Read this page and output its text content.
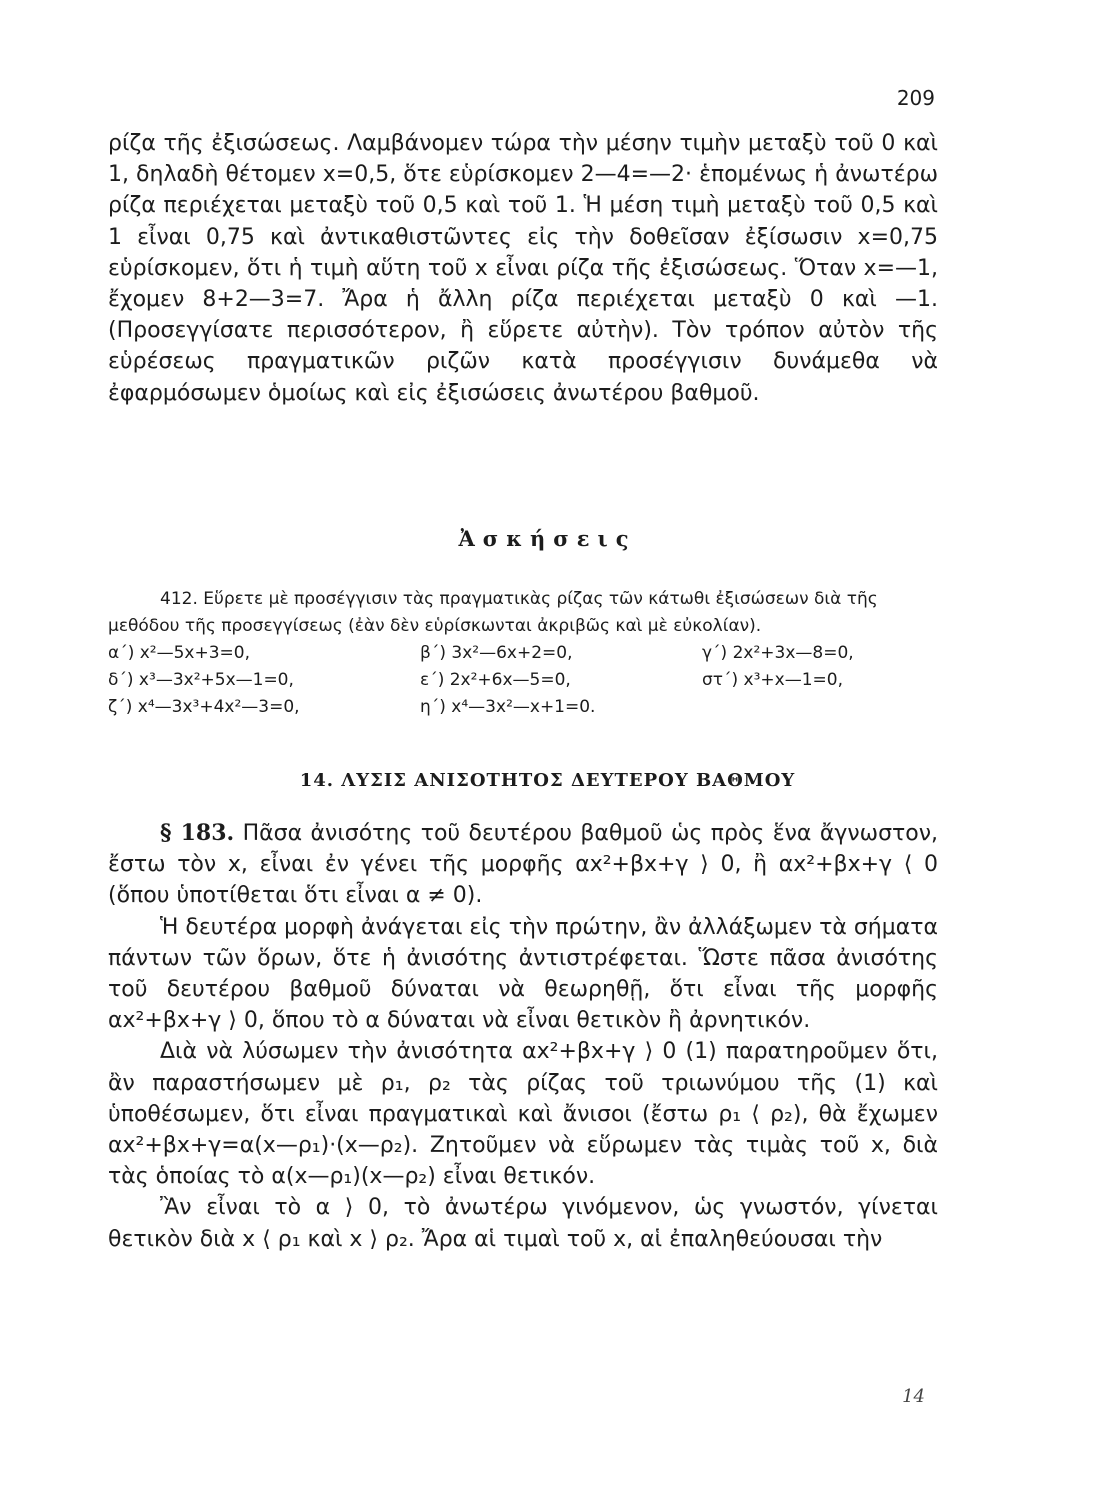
209

ρίζα τῆς ἐξισώσεως. Λαμβάνομεν τώρα τὴν μέσην τιμὴν μεταξὺ τοῦ 0 καὶ 1, δηλαδὴ θέτομεν x=0,5, ὅτε εὑρίσκομεν 2—4=—2· ἑπομένως ἡ ἀνωτέρω ρίζα περιέχεται μεταξὺ τοῦ 0,5 καὶ τοῦ 1. Ἡ μέση τιμὴ μεταξὺ τοῦ 0,5 καὶ 1 εἶναι 0,75 καὶ ἀντικαθιστῶντες εἰς τὴν δοθεῖσαν ἐξίσωσιν x=0,75 εὑρίσκομεν, ὅτι ἡ τιμὴ αὕτη τοῦ x εἶναι ρίζα τῆς ἐξισώσεως. Ὅταν x=—1, ἔχομεν 8+2—3=7. Ἄρα ἡ ἄλλη ρίζα περιέχεται μεταξὺ 0 καὶ —1. (Προσεγγίσατε περισσότερον, ἢ εὕρετε αὐτὴν). Τὸν τρόπον αὐτὸν τῆς εὑρέσεως πραγματικῶν ριζῶν κατὰ προσέγγισιν δυνάμεθα νὰ ἐφαρμόσωμεν ὁμοίως καὶ εἰς ἐξισώσεις ἀνωτέρου βαθμοῦ.

Ἀσκήσεις

412. Εὕρετε μὲ προσέγγισιν τὰς πραγματικὰς ρίζας τῶν κάτωθι ἐξισώσεων διὰ τῆς μεθόδου τῆς προσεγγίσεως (ἐὰν δὲν εὑρίσκωνται ἀκριβῶς καὶ μὲ εὐκολίαν).

α΄) x²—5x+3=0,	β΄) 3x²—6x+2=0,	γ΄) 2x²+3x—8=0,
δ΄) x³—3x²+5x—1=0,	ε΄) 2x²+6x—5=0,	στ΄) x³+x—1=0,
ζ΄) x⁴—3x³+4x²—3=0,	η΄) x⁴—3x²—x+1=0.
14. ΛΥΣΙΣ ΑΝΙΣΟΤΗΤΟΣ ΔΕΥΤΕΡΟΥ ΒΑΘΜΟΥ

§ 183. Πᾶσα ἀνισότης τοῦ δευτέρου βαθμοῦ ὡς πρὸς ἕνα ἄγνωστον, ἔστω τὸν x, εἶναι ἐν γένει τῆς μορφῆς αx²+βx+γ ⟩ 0, ἢ αx²+βx+γ ⟨ 0 (ὅπου ὑποτίθεται ὅτι εἶναι α ≠ 0).

Ἡ δευτέρα μορφὴ ἀνάγεται εἰς τὴν πρώτην, ἂν ἀλλάξωμεν τὰ σήματα πάντων τῶν ὅρων, ὅτε ἡ ἀνισότης ἀντιστρέφεται. Ὥστε πᾶσα ἀνισότης τοῦ δευτέρου βαθμοῦ δύναται νὰ θεωρηθῇ, ὅτι εἶναι τῆς μορφῆς αx²+βx+γ ⟩ 0, ὅπου τὸ α δύναται νὰ εἶναι θετικὸν ἢ ἀρνητικόν.

Διὰ νὰ λύσωμεν τὴν ἀνισότητα αx²+βx+γ ⟩ 0 (1) παρατηροῦμεν ὅτι, ἂν παραστήσωμεν μὲ ρ₁, ρ₂ τὰς ρίζας τοῦ τριωνύμου τῆς (1) καὶ ὑποθέσωμεν, ὅτι εἶναι πραγματικαὶ καὶ ἄνισοι (ἔστω ρ₁ ⟨ ρ₂), θὰ ἔχωμεν αx²+βx+γ=α(x—ρ₁)·(x—ρ₂). Ζητοῦμεν νὰ εὕρωμεν τὰς τιμὰς τοῦ x, διὰ τὰς ὁποίας τὸ α(x—ρ₁)(x—ρ₂) εἶναι θετικόν.

Ἂν εἶναι τὸ α ⟩ 0, τὸ ἀνωτέρω γινόμενον, ὡς γνωστόν, γίνεται θετικὸν διὰ x ⟨ ρ₁ καὶ x ⟩ ρ₂. Ἄρα αἱ τιμαὶ τοῦ x, αἱ ἐπαληθεύουσαι τὴν

14
